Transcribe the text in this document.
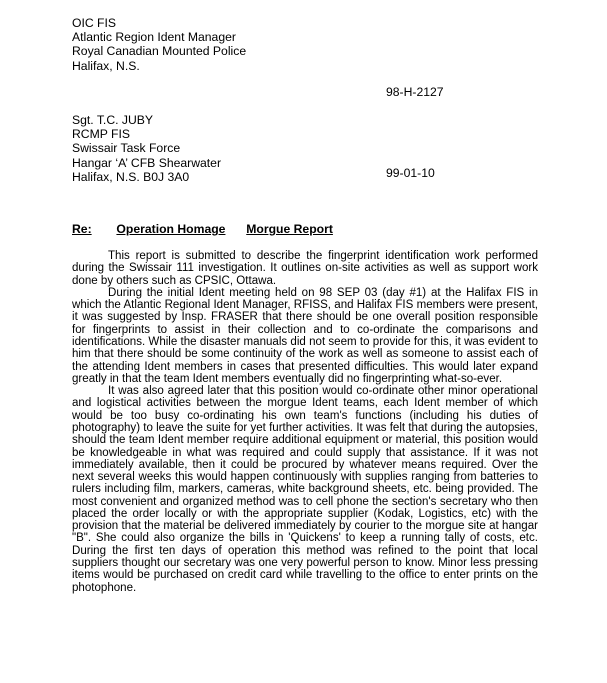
OIC FIS
Atlantic Region Ident Manager
Royal Canadian Mounted Police
Halifax, N.S.
98-H-2127
Sgt. T.C. JUBY
RCMP FIS
Swissair Task Force
Hangar ‘A’ CFB Shearwater
Halifax, N.S. B0J 3A0	99-01-10
Re: Operation Homage Morgue Report

This report is submitted to describe the fingerprint identification work performed during the Swissair 111 investigation. It outlines on-site activities as well as support work done by others such as CPSIC, Ottawa.

During the initial Ident meeting held on 98 SEP 03 (day #1) at the Halifax FIS in which the Atlantic Regional Ident Manager, RFISS, and Halifax FIS members were present, it was suggested by Insp. FRASER that there should be one overall position responsible for fingerprints to assist in their collection and to co-ordinate the comparisons and identifications. While the disaster manuals did not seem to provide for this, it was evident to him that there should be some continuity of the work as well as someone to assist each of the attending Ident members in cases that presented difficulties. This would later expand greatly in that the team Ident members eventually did no fingerprinting what-so-ever.

It was also agreed later that this position would co-ordinate other minor operational and logistical activities between the morgue Ident teams, each Ident member of which would be too busy co-ordinating his own team's functions (including his duties of photography) to leave the suite for yet further activities. It was felt that during the autopsies, should the team Ident member require additional equipment or material, this position would be knowledgeable in what was required and could supply that assistance. If it was not immediately available, then it could be procured by whatever means required. Over the next several weeks this would happen continuously with supplies ranging from batteries to rulers including film, markers, cameras, white background sheets, etc. being provided. The most convenient and organized method was to cell phone the section's secretary who then placed the order locally or with the appropriate supplier (Kodak, Logistics, etc) with the provision that the material be delivered immediately by courier to the morgue site at hangar "B". She could also organize the bills in 'Quickens' to keep a running tally of costs, etc. During the first ten days of operation this method was refined to the point that local suppliers thought our secretary was one very powerful person to know. Minor less pressing items would be purchased on credit card while travelling to the office to enter prints on the photophone.
